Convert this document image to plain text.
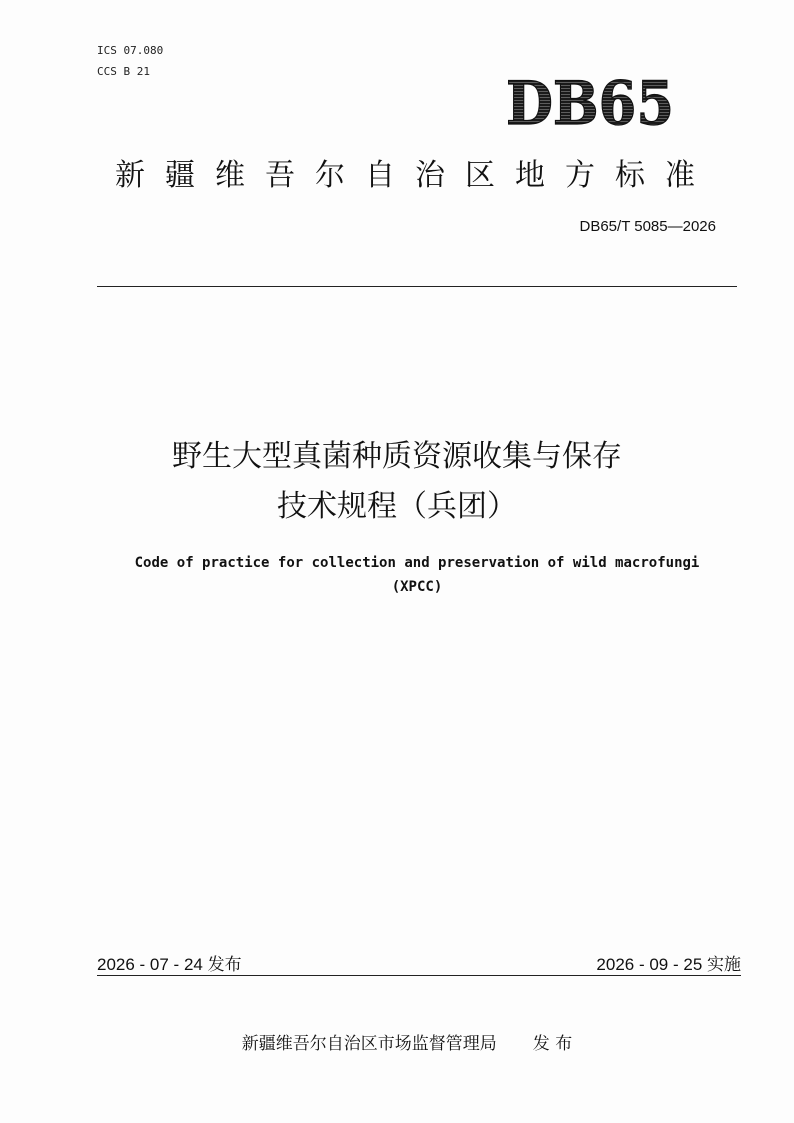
ICS 07.080
CCS B 21	DB65
新疆维吾尔自治区地方标准
DB65/T 5085—2026
野生大型真菌种质资源收集与保存
技术规程（兵团）
Code of practice for collection and preservation of wild macrofungi
(XPCC)
2026 - 07 - 24 发布	2026 - 09 - 25 实施
新疆维吾尔自治区市场监督管理局 发 布
